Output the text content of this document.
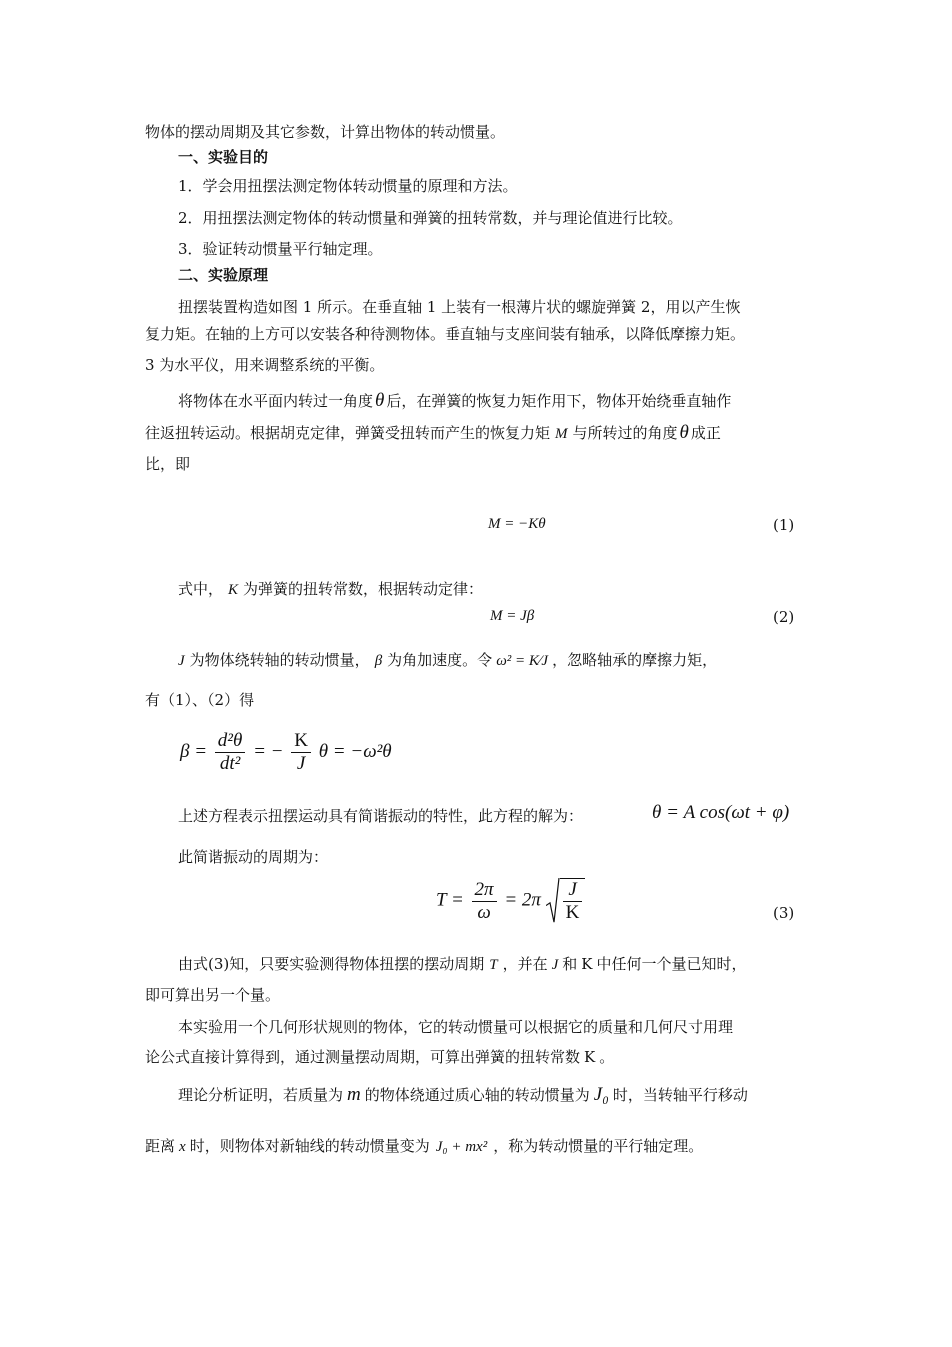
物体的摆动周期及其它参数，计算出物体的转动惯量。
一、实验目的
1．学会用扭摆法测定物体转动惯量的原理和方法。
2．用扭摆法测定物体的转动惯量和弹簧的扭转常数，并与理论值进行比较。
3．验证转动惯量平行轴定理。
二、实验原理
扭摆装置构造如图 1 所示。在垂直轴 1 上装有一根薄片状的螺旋弹簧 2，用以产生恢
复力矩。在轴的上方可以安装各种待测物体。垂直轴与支座间装有轴承，以降低摩擦力矩。
3 为水平仪，用来调整系统的平衡。
将物体在水平面内转过一角度 θ 后，在弹簧的恢复力矩作用下，物体开始绕垂直轴作
往返扭转运动。根据胡克定律，弹簧受扭转而产生的恢复力矩 M 与所转过的角度 θ 成正
比，即
M = −Kθ	(1)
式中， K 为弹簧的扭转常数，根据转动定律：
M = Jβ	(2)
J 为物体绕转轴的转动惯量， β 为角加速度。令 ω² = K⁄J ，忽略轴承的摩擦力矩，
有（1）、（2）得
$\beta = \frac{\text{d²θ}}{\text{dt²}}$ = − $\frac{K}{J}$ θ = −ω²θ
上述方程表示扭摆运动具有简谐振动的特性，此方程的解为：	θ = A cos(ωt + φ)
此简谐振动的周期为：
$T = \frac{2\pi}{\omega} = 2\pi \frac{J}{K}$	(3)
由式(3)知，只要实验测得物体扭摆的摆动周期 T ，并在 J 和 K 中任何一个量已知时，
即可算出另一个量。
本实验用一个几何形状规则的物体，它的转动惯量可以根据它的质量和几何尺寸用理
论公式直接计算得到，通过测量摆动周期，可算出弹簧的扭转常数 K 。
理论分析证明，若质量为 m 的物体绕通过质心轴的转动惯量为 J₀ 时，当转轴平行移动
距离 x 时，则物体对新轴线的转动惯量变为 J₀ + mx² ，称为转动惯量的平行轴定理。
